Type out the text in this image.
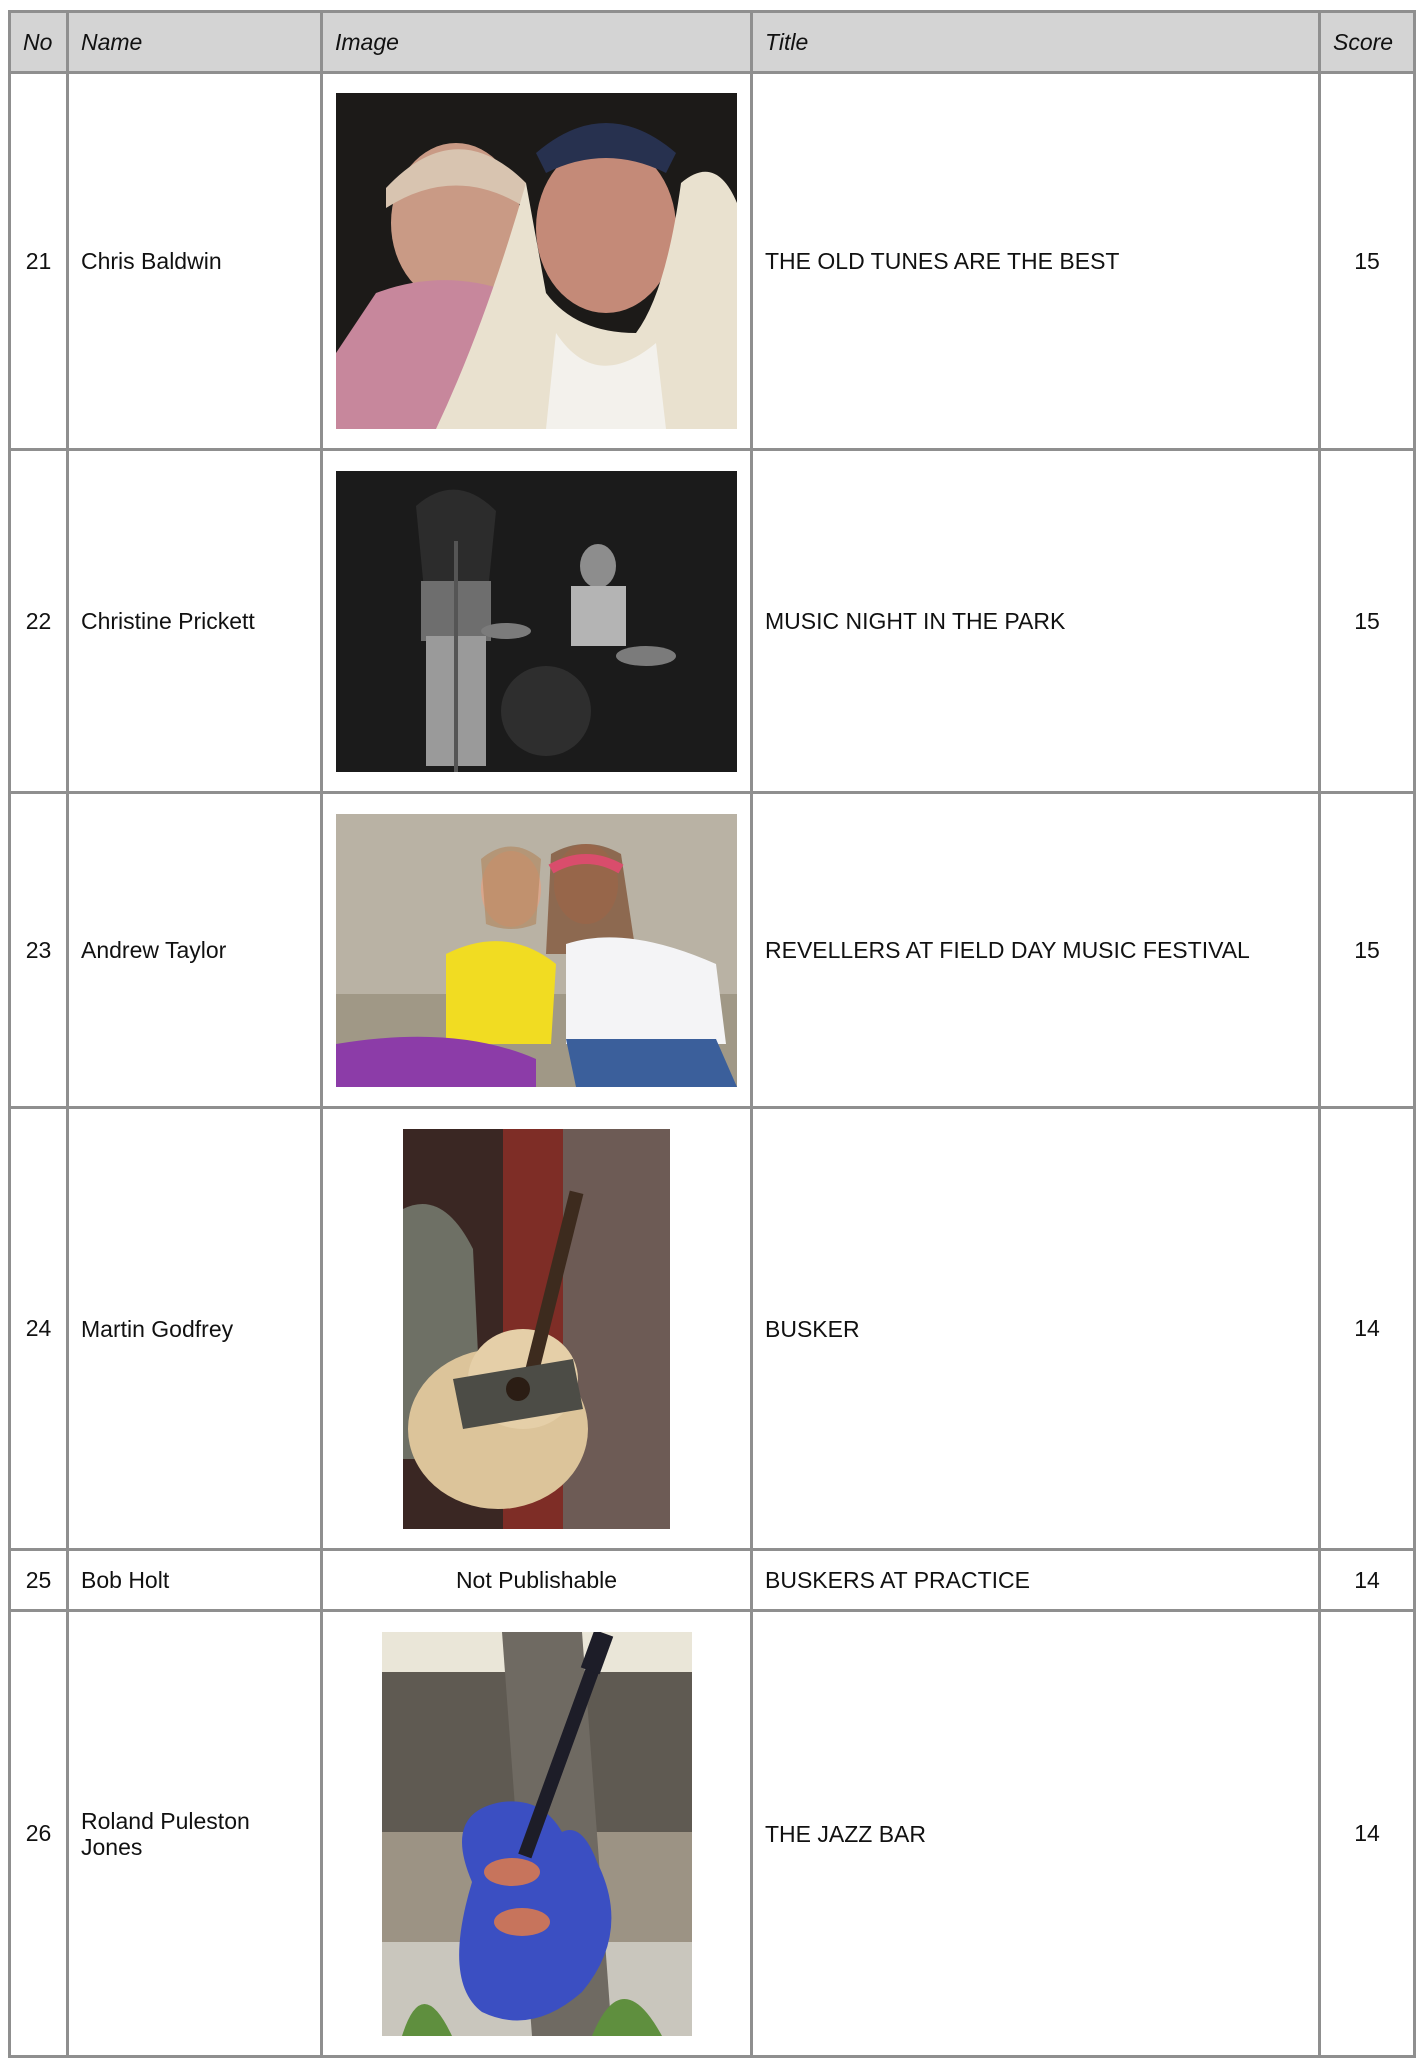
No	Name	Image	Title	Score
21	Chris Baldwin		THE OLD TUNES ARE THE BEST	15
22	Christine Prickett		MUSIC NIGHT IN THE PARK	15
23	Andrew Taylor		REVELLERS AT FIELD DAY MUSIC FESTIVAL	15
24	Martin Godfrey		BUSKER	14
25	Bob Holt	Not Publishable	BUSKERS AT PRACTICE	14
26	Roland Puleston Jones		THE JAZZ BAR	14
